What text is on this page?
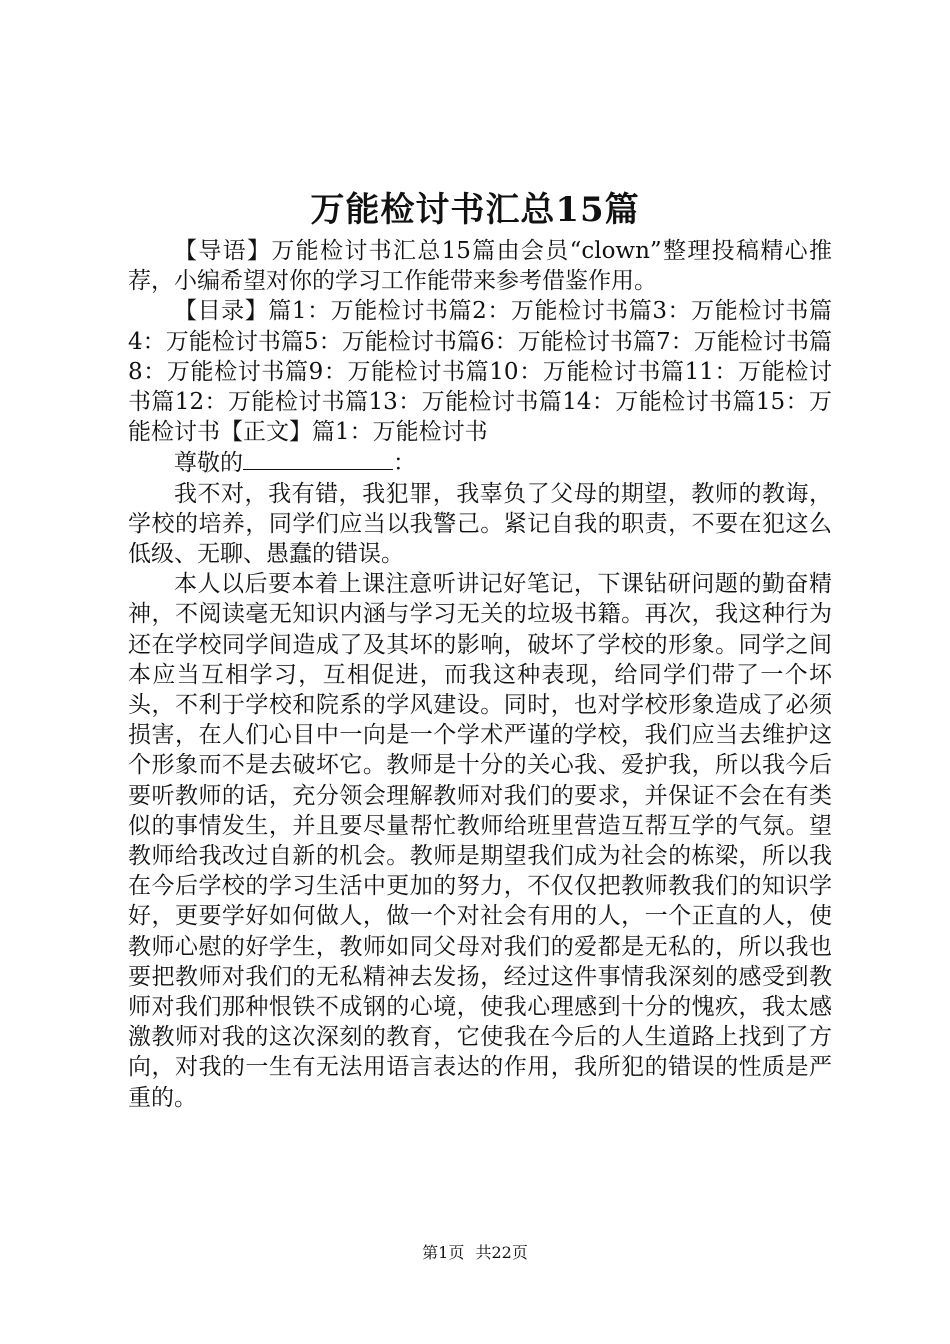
万能检讨书汇总15篇

【导语】万能检讨书汇总15篇由会员“clown”整理投稿精心推荐，小编希望对你的学习工作能带来参考借鉴作用。

【目录】篇1：万能检讨书篇2：万能检讨书篇3：万能检讨书篇4：万能检讨书篇5：万能检讨书篇6：万能检讨书篇7：万能检讨书篇8：万能检讨书篇9：万能检讨书篇10：万能检讨书篇11：万能检讨书篇12：万能检讨书篇13：万能检讨书篇14：万能检讨书篇15：万能检讨书【正文】篇1：万能检讨书

尊敬的	：

我不对，我有错，我犯罪，我辜负了父母的期望，教师的教诲，学校的培养，同学们应当以我警己。紧记自我的职责，不要在犯这么低级、无聊、愚蠢的错误。

本人以后要本着上课注意听讲记好笔记，下课钻研问题的勤奋精神，不阅读毫无知识内涵与学习无关的垃圾书籍。再次，我这种行为还在学校同学间造成了及其坏的影响，破坏了学校的形象。同学之间本应当互相学习，互相促进，而我这种表现，给同学们带了一个坏头，不利于学校和院系的学风建设。同时，也对学校形象造成了必须损害，在人们心目中一向是一个学术严谨的学校，我们应当去维护这个形象而不是去破坏它。教师是十分的关心我、爱护我，所以我今后要听教师的话，充分领会理解教师对我们的要求，并保证不会在有类似的事情发生，并且要尽量帮忙教师给班里营造互帮互学的气氛。望教师给我改过自新的机会。教师是期望我们成为社会的栋梁，所以我在今后学校的学习生活中更加的努力，不仅仅把教师教我们的知识学好，更要学好如何做人，做一个对社会有用的人，一个正直的人，使教师心慰的好学生，教师如同父母对我们的爱都是无私的，所以我也要把教师对我们的无私精神去发扬，经过这件事情我深刻的感受到教师对我们那种恨铁不成钢的心境，使我心理感到十分的愧疚，我太感激教师对我的这次深刻的教育，它使我在今后的人生道路上找到了方向，对我的一生有无法用语言表达的作用，我所犯的错误的性质是严重的。

第1页 共22页
